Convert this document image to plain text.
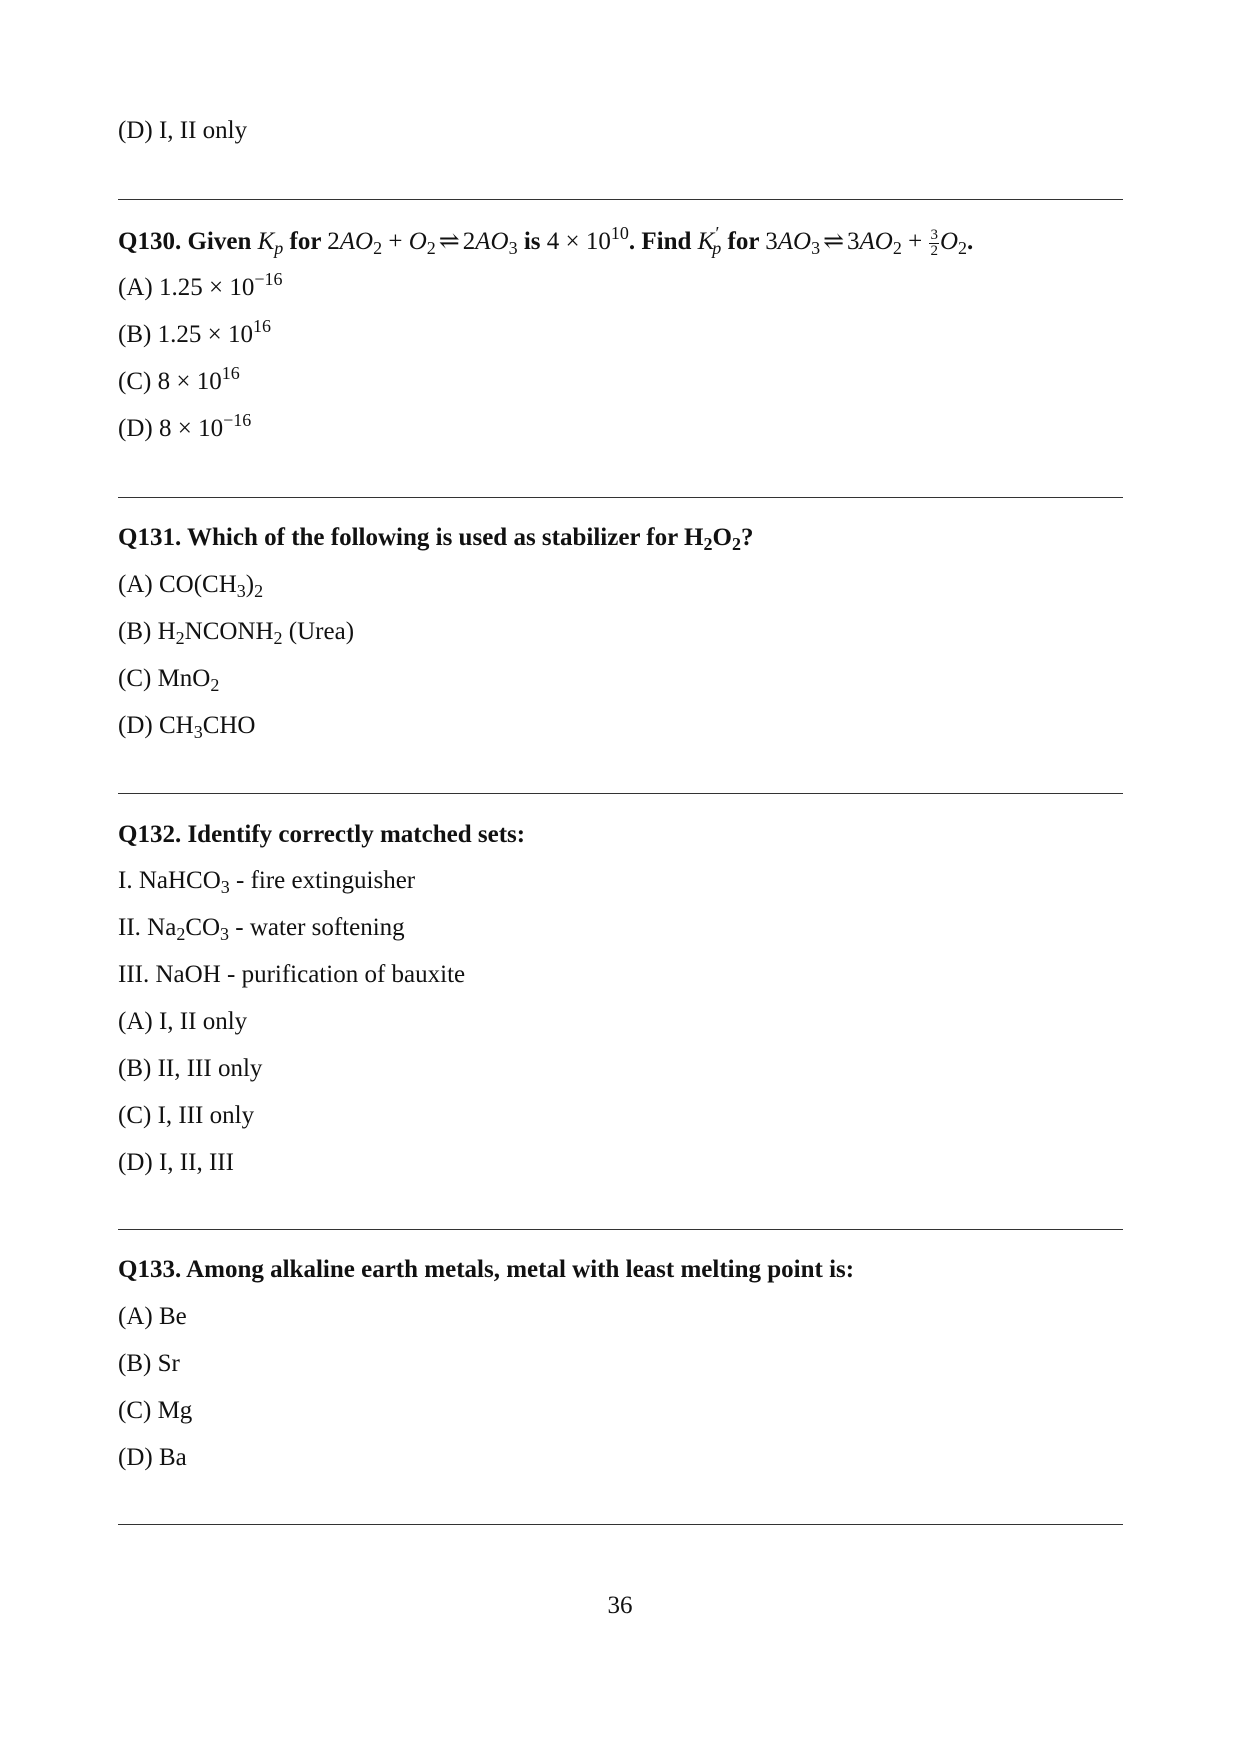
(D) I, II only
Q130. Given $K_p$ for $2AO_2 + O_2$ ⇌ $2AO_3$ is $4 \times 10^{10}$. Find $K'_p$ for $3AO_3$ ⇌ $3AO_2 + \frac{3}{2} O_2$.
(A) $1.25 \times 10^{-16}$
(B) $1.25 \times 10^{16}$
(C) $8 \times 10^{16}$
(D) $8 \times 10^{-16}$
Q131. Which of the following is used as stabilizer for $H_2O_2$?
(A) $CO(CH_3)_2$
(B) $H_2NCONH_2$ (Urea)
(C) MnO$_2$
(D) $CH_3CHO$
Q132. Identify correctly matched sets:
I. NaHCO$_3$ - fire extinguisher
II. $Na_2CO_3$ - water softening
III. NaOH - purification of bauxite
(A) I, II only
(B) II, III only
(C) I, III only
(D) I, II, III
Q133. Among alkaline earth metals, metal with least melting point is:
(A) Be
(B) Sr
(C) Mg
(D) Ba
36
